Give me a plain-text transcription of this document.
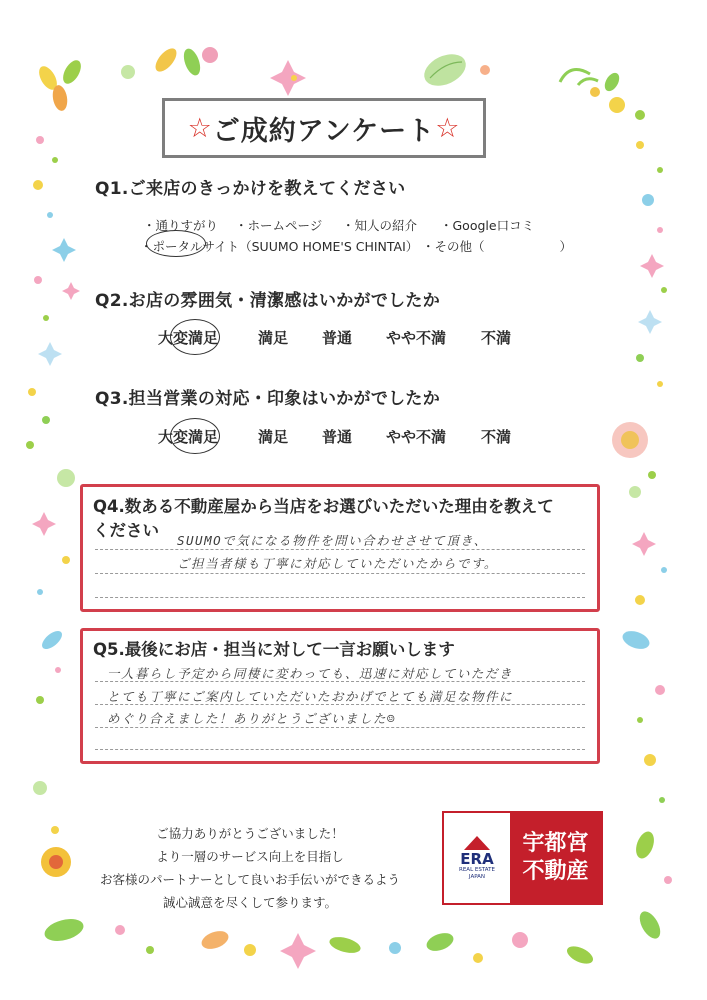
☆ ご成約アンケート ☆
Q1.ご来店のきっかけを教えてください
・通りすがり ・ホームページ ・知人の紹介 ・Google口コミ
・ポータルサイト（SUUMO HOME'S CHINTAI） ・その他（　　　　　　）
Q2.お店の雰囲気・清潔感はいかがでしたか
大変満足	満足 普通 やや不満 不満
Q3.担当営業の対応・印象はいかがでしたか
大変満足	満足 普通 やや不満 不満
Q4.数ある不動産屋から当店をお選びいただいた理由を教えて
ください
SUUMOで気になる物件を問い合わせさせて頂き、
ご担当者様も丁寧に対応していただいたからです。
Q5.最後にお店・担当に対して一言お願いします
一人暮らし予定から同棲に変わっても、迅速に対応していただき
とても丁寧にご案内していただいたおかげでとても満足な物件に
めぐり合えました！ありがとうございました☺
ご協力ありがとうございました！
より一層のサービス向上を目指し
お客様のパートナーとして良いお手伝いができるよう
誠心誠意を尽くして参ります。
ERA
REAL ESTATE
JAPAN
宇都宮
不動産
